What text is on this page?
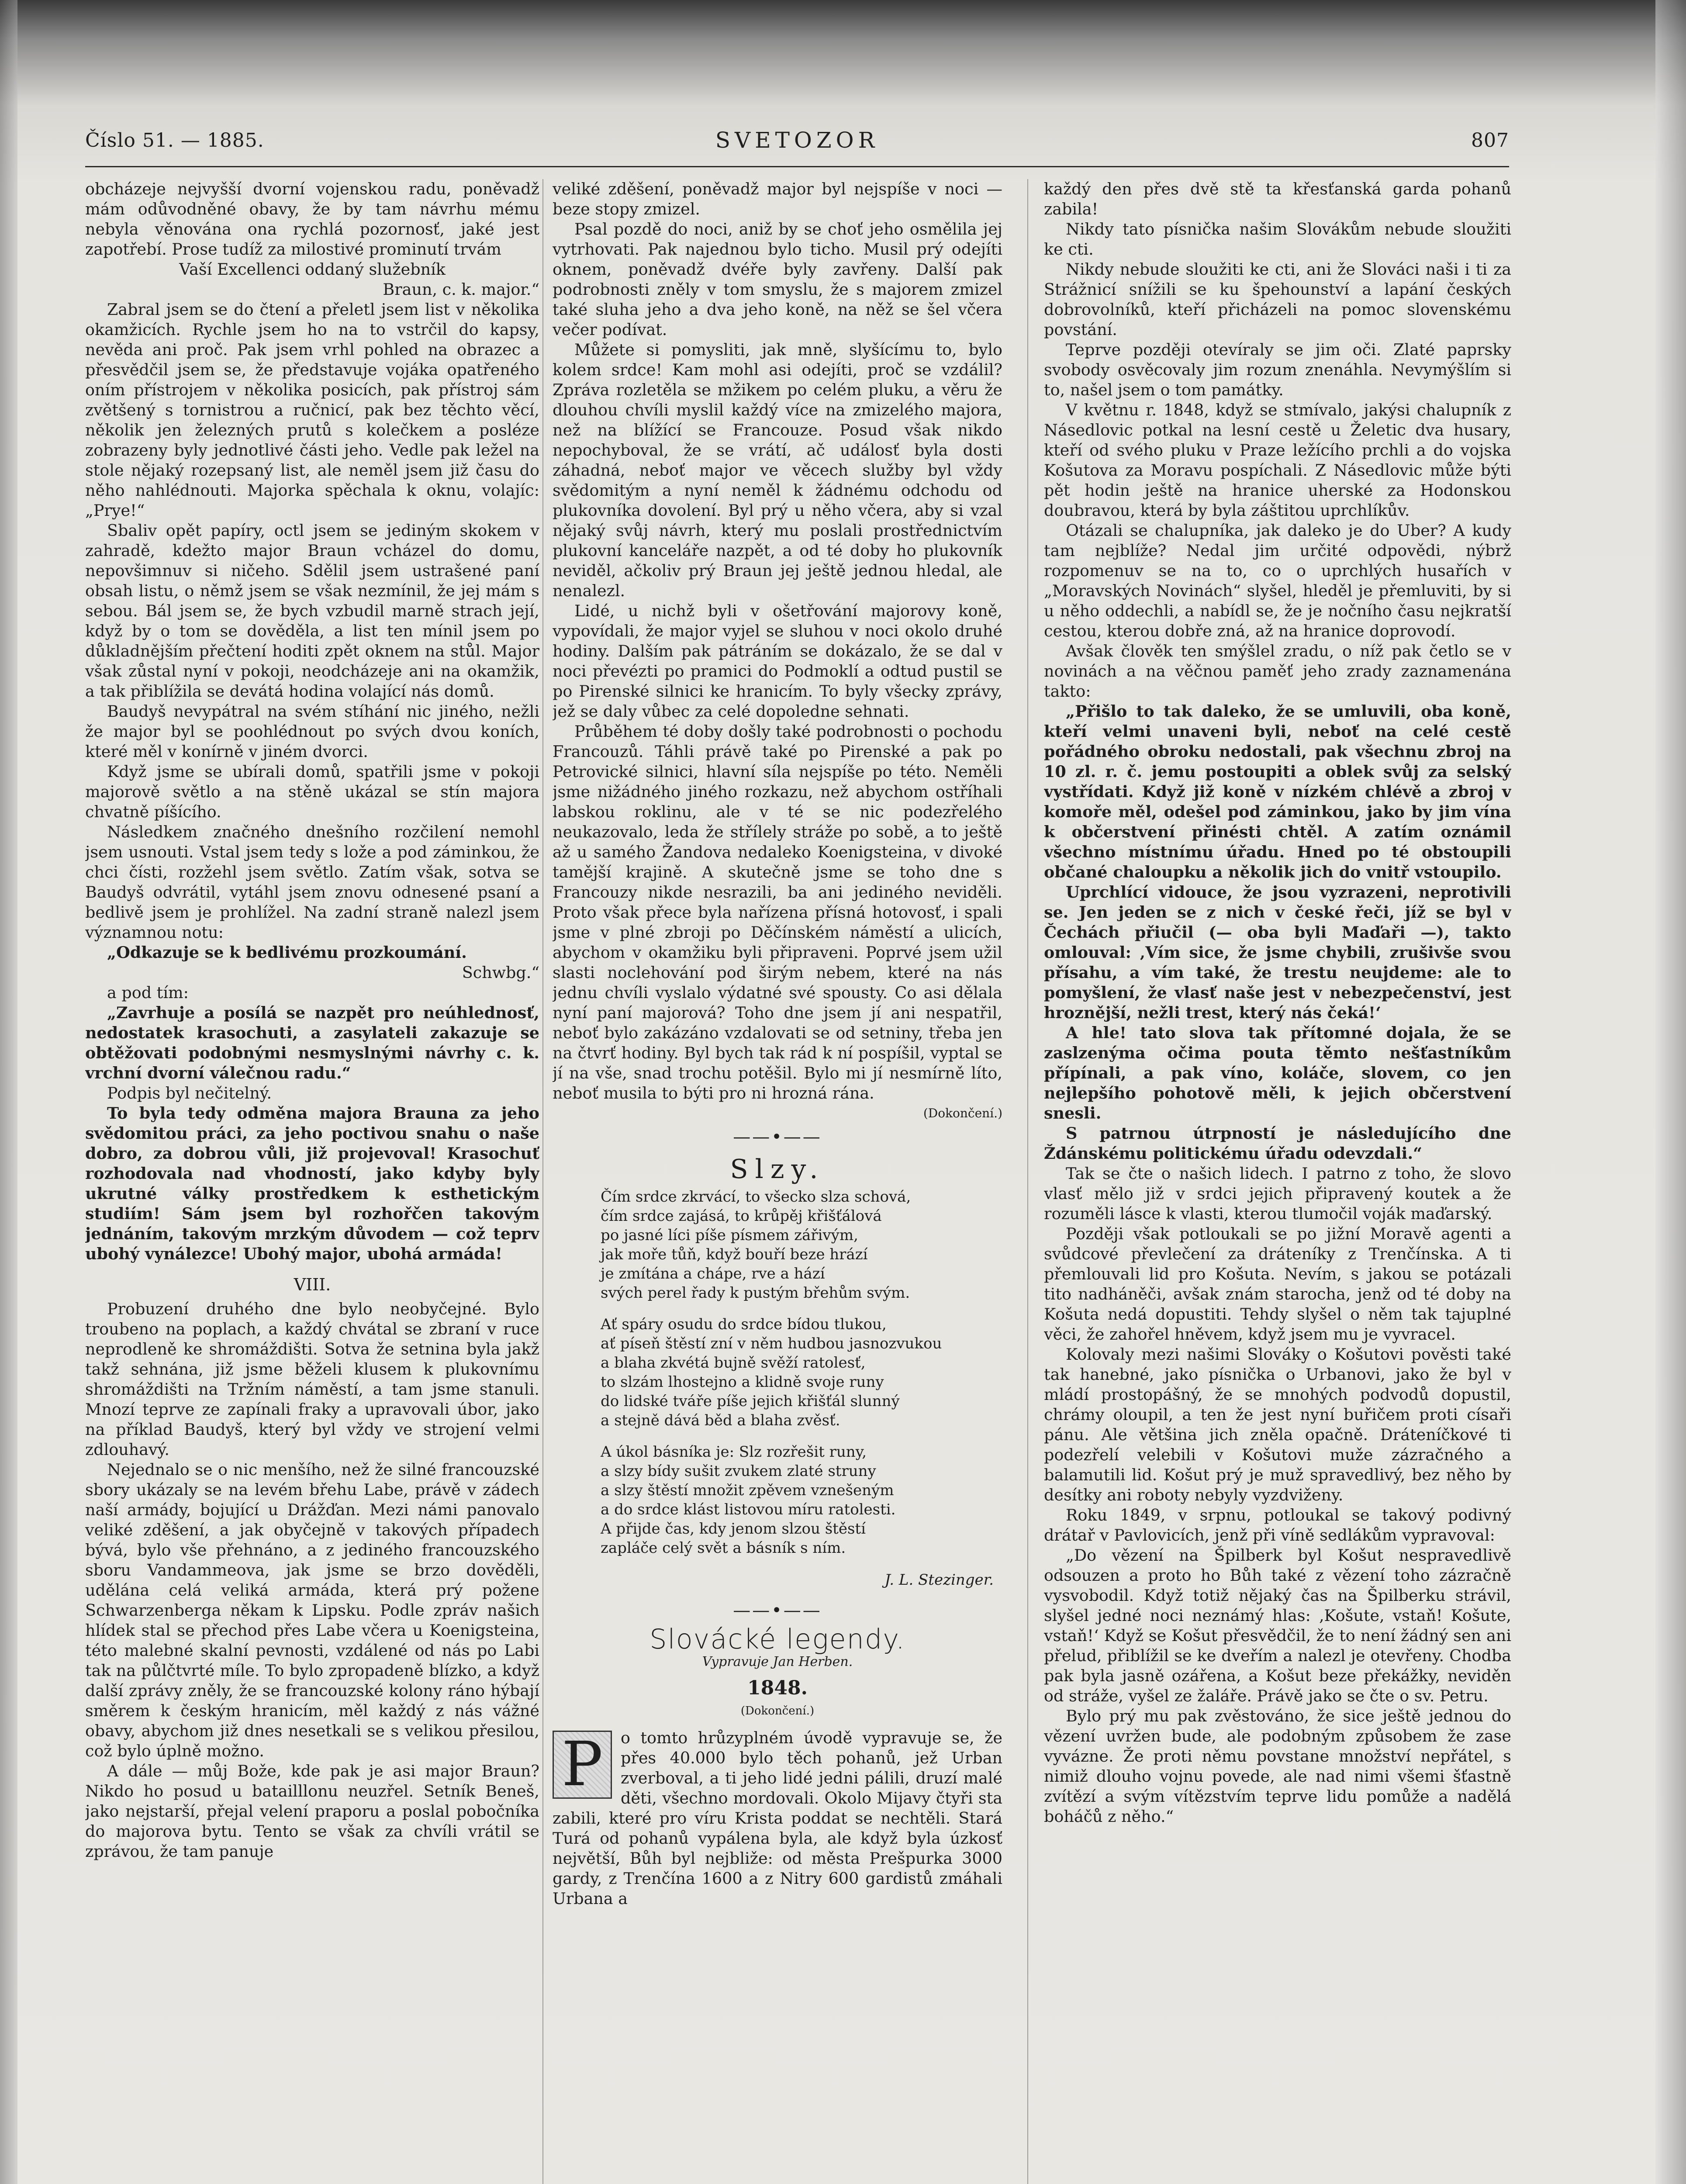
Číslo 51. — 1885.	SVETOZOR	807

obcházeje nejvyšší dvorní vojenskou radu, poněvadž mám odůvodněné obavy, že by tam návrhu mému nebyla věnována ona rychlá pozornosť, jaké jest zapotřebí. Prose tudíž za milostivé prominutí trvám

Vaší Excellenci oddaný služebník

Braun, c. k. major.“

Zabral jsem se do čtení a přeletl jsem list v několika okamžicích. Rychle jsem ho na to vstrčil do kapsy, nevěda ani proč. Pak jsem vrhl pohled na obrazec a přesvědčil jsem se, že představuje vojáka opatřeného oním přístrojem v několika posicích, pak přístroj sám zvětšený s tornistrou a ručnicí, pak bez těchto věcí, několik jen železných prutů s kolečkem a posléze zobrazeny byly jednotlivé části jeho. Vedle pak ležel na stole nějaký rozepsaný list, ale neměl jsem již času do něho nahlédnouti. Majorka spěchala k oknu, volajíc: „Prye!“

Sbaliv opět papíry, octl jsem se jediným skokem v zahradě, kdežto major Braun vcházel do domu, nepovšimnuv si ničeho. Sdělil jsem ustrašené paní obsah listu, o němž jsem se však nezmínil, že jej mám s sebou. Bál jsem se, že bych vzbudil marně strach její, když by o tom se dověděla, a list ten mínil jsem po důkladnějším přečtení hoditi zpět oknem na stůl. Major však zůstal nyní v pokoji, neodcházeje ani na okamžik, a tak přiblížila se devátá hodina volající nás domů.

Baudyš nevypátral na svém stíhání nic jiného, nežli že major byl se poohlédnout po svých dvou koních, které měl v konírně v jiném dvorci.

Když jsme se ubírali domů, spatřili jsme v pokoji majorově světlo a na stěně ukázal se stín majora chvatně píšícího.

Následkem značného dnešního rozčilení nemohl jsem usnouti. Vstal jsem tedy s lože a pod záminkou, že chci čísti, rozžehl jsem světlo. Zatím však, sotva se Baudyš odvrátil, vytáhl jsem znovu odnesené psaní a bedlivě jsem je prohlížel. Na zadní straně nalezl jsem významnou notu:

„Odkazuje se k bedlivému prozkoumání.

Schwbg.“

a pod tím:

„Zavrhuje a posílá se nazpět pro neúhlednosť, nedostatek krasochuti, a zasylateli zakazuje se obtěžovati podobnými nesmyslnými návrhy c. k. vrchní dvorní válečnou radu.“

Podpis byl nečitelný.

To byla tedy odměna majora Brauna za jeho svědomitou práci, za jeho poctivou snahu o naše dobro, za dobrou vůli, již projevoval! Krasochuť rozhodovala nad vhodností, jako kdyby byly ukrutné války prostředkem k esthetickým studiím! Sám jsem byl rozhořčen takovým jednáním, takovým mrzkým důvodem — což teprv ubohý vynálezce! Ubohý major, ubohá armáda!

VIII.

Probuzení druhého dne bylo neobyčejné. Bylo troubeno na poplach, a každý chvátal se zbraní v ruce neprodleně ke shromáždišti. Sotva že setnina byla jakž takž sehnána, již jsme běželi klusem k plukovnímu shromáždišti na Tržním náměstí, a tam jsme stanuli. Mnozí teprve ze zapínali fraky a upravovali úbor, jako na příklad Baudyš, který byl vždy ve strojení velmi zdlouhavý.

Nejednalo se o nic menšího, než že silné francouzské sbory ukázaly se na levém břehu Labe, právě v zádech naší armády, bojující u Drážďan. Mezi námi panovalo veliké zděšení, a jak obyčejně v takových případech bývá, bylo vše přehnáno, a z jediného francouzského sboru Vandammeova, jak jsme se brzo dověděli, udělána celá veliká armáda, která prý požene Schwarzenberga někam k Lipsku. Podle zpráv našich hlídek stal se přechod přes Labe včera u Koenigsteina, této malebné skalní pevnosti, vzdálené od nás po Labi tak na půlčtvrté míle. To bylo zpropadeně blízko, a když další zprávy zněly, že se francouzské kolony ráno hýbají směrem k českým hranicím, měl každý z nás vážné obavy, abychom již dnes nesetkali se s velikou přesilou, což bylo úplně možno.

A dále — můj Bože, kde pak je asi major Braun? Nikdo ho posud u batailllonu neuzřel. Setník Beneš, jako nejstarší, přejal velení praporu a poslal pobočníka do majorova bytu. Tento se však za chvíli vrátil se zprávou, že tam panuje

veliké zděšení, poněvadž major byl nejspíše v noci — beze stopy zmizel.

Psal pozdě do noci, aniž by se choť jeho osmělila jej vytrhovati. Pak najednou bylo ticho. Musil prý odejíti oknem, poněvadž dvéře byly zavřeny. Další pak podrobnosti zněly v tom smyslu, že s majorem zmizel také sluha jeho a dva jeho koně, na něž se šel včera večer podívat.

Můžete si pomysliti, jak mně, slyšícímu to, bylo kolem srdce! Kam mohl asi odejíti, proč se vzdálil? Zpráva rozletěla se mžikem po celém pluku, a věru že dlouhou chvíli myslil každý více na zmizelého majora, než na blížící se Francouze. Posud však nikdo nepochyboval, že se vrátí, ač událosť byla dosti záhadná, neboť major ve věcech služby byl vždy svědomitým a nyní neměl k žádnému odchodu od plukovníka dovolení. Byl prý u něho včera, aby si vzal nějaký svůj návrh, který mu poslali prostřednictvím plukovní kanceláře nazpět, a od té doby ho plukovník neviděl, ačkoliv prý Braun jej ještě jednou hledal, ale nenalezl.

Lidé, u nichž byli v ošetřování majorovy koně, vypovídali, že major vyjel se sluhou v noci okolo druhé hodiny. Dalším pak pátráním se dokázalo, že se dal v noci převézti po pramici do Podmoklí a odtud pustil se po Pirenské silnici ke hranicím. To byly všecky zprávy, jež se daly vůbec za celé dopoledne sehnati.

Průběhem té doby došly také podrobnosti o pochodu Francouzů. Táhli právě také po Pirenské a pak po Petrovické silnici, hlavní síla nejspíše po této. Neměli jsme nižádného jiného rozkazu, než abychom ostříhali labskou roklinu, ale v té se nic podezřelého neukazovalo, leda že střílely stráže po sobě, a to ještě až u samého Žandova nedaleko Koenigsteina, v divoké tamější krajině. A skutečně jsme se toho dne s Francouzy nikde nesrazili, ba ani jediného neviděli. Proto však přece byla nařízena přísná hotovosť, i spali jsme v plné zbroji po Děčínském náměstí a ulicích, abychom v okamžiku byli připraveni. Poprvé jsem užil slasti noclehování pod širým nebem, které na nás jednu chvíli vyslalo výdatné své spousty. Co asi dělala nyní paní majorová? Toho dne jsem jí ani nespatřil, neboť bylo zakázáno vzdalovati se od setniny, třeba jen na čtvrť hodiny. Byl bych tak rád k ní pospíšil, vyptal se jí na vše, snad trochu potěšil. Bylo mi jí nesmírně líto, neboť musila to býti pro ni hrozná rána.

(Dokončení.)

——•——
Slzy.
Čím srdce zkrvácí, to všecko slza schová,
čím srdce zajásá, to krůpěj křišťálová
po jasné líci píše písmem zářivým,
jak moře tůň, když bouří beze hrází
je zmítána a chápe, rve a hází
svých perel řady k pustým břehům svým.
Ať spáry osudu do srdce bídou tlukou,
ať píseň štěstí zní v něm hudbou jasnozvukou
a blaha zkvétá bujně svěží ratolesť,
to slzám lhostejno a klidně svoje runy
do lidské tváře píše jejich křišťál slunný
a stejně dává běd a blaha zvěsť.
A úkol básníka je: Slz rozřešit runy,
a slzy bídy sušit zvukem zlaté struny
a slzy štěstí množit zpěvem vznešeným
a do srdce klást listovou míru ratolesti.
A přijde čas, kdy jenom slzou štěstí
zapláče celý svět a básník s ním.
J. L. Stezinger.
——•——
Slovácké legendy.
Vypravuje Jan Herben.
1848.
(Dokončení.)
P	o tomto hrůzyplném úvodě vypravuje se, že přes 40.000 bylo těch pohanů, jež Urban zverboval, a ti jeho lidé jedni pálili, druzí malé děti, všechno mordovali. Okolo Mijavy čtyři sta zabili, které pro víru Krista poddat se nechtěli. Stará Turá od pohanů vypálena byla, ale když byla úzkosť největší, Bůh byl nejbliže: od města Prešpurka 3000 gardy, z Trenčína 1600 a z Nitry 600 gardistů zmáhali Urbana a

každý den přes dvě stě ta křesťanská garda pohanů zabila!

Nikdy tato písnička našim Slovákům nebude sloužiti ke cti.

Nikdy nebude sloužiti ke cti, ani že Slováci naši i ti za Strážnicí snížili se ku špehounství a lapání českých dobrovolníků, kteří přicházeli na pomoc slovenskému povstání.

Teprve později otevíraly se jim oči. Zlaté paprsky svobody osvěcovaly jim rozum znenáhla. Nevymýšlím si to, našel jsem o tom památky.

V květnu r. 1848, když se stmívalo, jakýsi chalupník z Násedlovic potkal na lesní cestě u Želetic dva husary, kteří od svého pluku v Praze ležícího prchli a do vojska Košutova za Moravu pospíchali. Z Násedlovic může býti pět hodin ještě na hranice uherské za Hodonskou doubravou, která by byla záštitou uprchlíkův.

Otázali se chalupníka, jak daleko je do Uber? A kudy tam nejblíže? Nedal jim určité odpovědi, nýbrž rozpomenuv se na to, co o uprchlých husařích v „Moravských Novinách“ slyšel, hleděl je přemluviti, by si u něho oddechli, a nabídl se, že je nočního času nejkratší cestou, kterou dobře zná, až na hranice doprovodí.

Avšak člověk ten smýšlel zradu, o níž pak četlo se v novinách a na věčnou paměť jeho zrady zaznamenána takto:

„Přišlo to tak daleko, že se umluvili, oba koně, kteří velmi unaveni byli, neboť na celé cestě pořádného obroku nedostali, pak všechnu zbroj na 10 zl. r. č. jemu postoupiti a oblek svůj za selský vystřídati. Když již koně v nízkém chlévě a zbroj v komoře měl, odešel pod záminkou, jako by jim vína k občerstvení přinésti chtěl. A zatím oznámil všechno místnímu úřadu. Hned po té obstoupili občané chaloupku a několik jich do vnitř vstoupilo.

Uprchlící vidouce, že jsou vyzrazeni, neprotivili se. Jen jeden se z nich v české řeči, jíž se byl v Čechách přiučil (— oba byli Maďaři —), takto omlouval: ‚Vím sice, že jsme chybili, zrušivše svou přísahu, a vím také, že trestu neujdeme: ale to pomyšlení, že vlasť naše jest v nebezpečenství, jest hroznější, nežli trest, který nás čeká!‘

A hle! tato slova tak přítomné dojala, že se zaslzenýma očima pouta těmto nešťastníkům přípínali, a pak víno, koláče, slovem, co jen nejlepšího pohotově měli, k jejich občerstvení snesli.

S patrnou útrpností je následujícího dne Ždánskému politickému úřadu odevzdali.“

Tak se čte o našich lidech. I patrno z toho, že slovo vlasť mělo již v srdci jejich připravený koutek a že rozuměli lásce k vlasti, kterou tlumočil voják maďarský.

Později však potloukali se po jižní Moravě agenti a svůdcové převlečení za dráteníky z Trenčínska. A ti přemlouvali lid pro Košuta. Nevím, s jakou se potázali tito nadháněči, avšak znám starocha, jenž od té doby na Košuta nedá dopustiti. Tehdy slyšel o něm tak tajuplné věci, že zahořel hněvem, když jsem mu je vyvracel.

Kolovaly mezi našimi Slováky o Košutovi pověsti také tak hanebné, jako písnička o Urbanovi, jako že byl v mládí prostopášný, že se mnohých podvodů dopustil, chrámy oloupil, a ten že jest nyní buřičem proti císaři pánu. Ale většina jich zněla opačně. Dráteníčkové ti podezřelí velebili v Košutovi muže zázračného a balamutili lid. Košut prý je muž spravedlivý, bez něho by desítky ani roboty nebyly vyzdviženy.

Roku 1849, v srpnu, potloukal se takový podivný drátař v Pavlovicích, jenž při víně sedlákům vypravoval:

„Do vězení na Špilberk byl Košut nespravedlivě odsouzen a proto ho Bůh také z vězení toho zázračně vysvobodil. Když totiž nějaký čas na Špilberku strávil, slyšel jedné noci neznámý hlas: ‚Košute, vstaň! Košute, vstaň!‘ Když se Košut přesvědčil, že to není žádný sen ani přelud, přiblížil se ke dveřím a nalezl je otevřeny. Chodba pak byla jasně ozářena, a Košut beze překážky, neviděn od stráže, vyšel ze žaláře. Právě jako se čte o sv. Petru.

Bylo prý mu pak zvěstováno, že sice ještě jednou do vězení uvržen bude, ale podobným způsobem že zase vyvázne. Že proti němu povstane množství nepřátel, s nimiž dlouho vojnu povede, ale nad nimi všemi šťastně zvítězí a svým vítězstvím teprve lidu pomůže a nadělá boháčů z něho.“
